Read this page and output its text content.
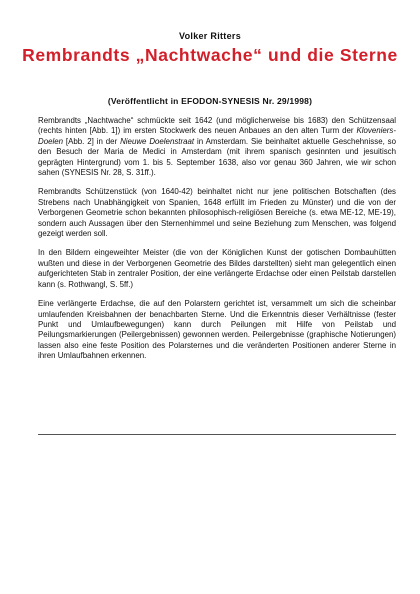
Volker Ritters
Rembrandts „Nachtwache“ und die Sterne
(Veröffentlicht in EFODON-SYNESIS Nr. 29/1998)

Rembrandts „Nachtwache“ schmückte seit 1642 (und möglicherweise bis 1683) den Schützensaal (rechts hinten [Abb. 1]) im ersten Stockwerk des neuen Anbaues an den alten Turm der Kloveniers-Doelen [Abb. 2] in der Nieuwe Doelenstraat in Amsterdam. Sie beinhaltet aktuelle Geschehnisse, so den Besuch der Maria de Medici in Amsterdam (mit ihrem spanisch gesinnten und jesuitisch geprägten Hintergrund) vom 1. bis 5. September 1638, also vor genau 360 Jahren, wie wir schon sahen (SYNESIS Nr. 28, S. 31ff.).

Rembrandts Schützenstück (von 1640-42) beinhaltet nicht nur jene politischen Botschaften (des Strebens nach Unabhängigkeit von Spanien, 1648 erfüllt im Frieden zu Münster) und die von der Verborgenen Geometrie schon bekannten philosophisch-religiösen Bereiche (s. etwa ME-12, ME-19), sondern auch Aussagen über den Sternenhimmel und seine Beziehung zum Menschen, was folgend gezeigt werden soll.

In den Bildern eingeweihter Meister (die von der Königlichen Kunst der gotischen Dombauhütten wußten und diese in der Verborgenen Geometrie des Bildes darstellten) sieht man gelegentlich einen aufgerichteten Stab in zentraler Position, der eine verlängerte Erdachse oder einen Peilstab darstellen kann (s. Rothwangl, S. 5ff.)

Eine verlängerte Erdachse, die auf den Polarstern gerichtet ist, versammelt um sich die scheinbar umlaufenden Kreisbahnen der benachbarten Sterne. Und die Erkenntnis dieser Verhältnisse (fester Punkt und Umlaufbewegungen) kann durch Peilungen mit Hilfe von Peilstab und Peilungsmarkierungen (Peilergebnissen) gewonnen werden. Peilergebnisse (graphische Notierungen) lassen also eine feste Position des Polarsternes und die veränderten Positionen anderer Sterne in ihren Umlaufbahnen erkennen.
